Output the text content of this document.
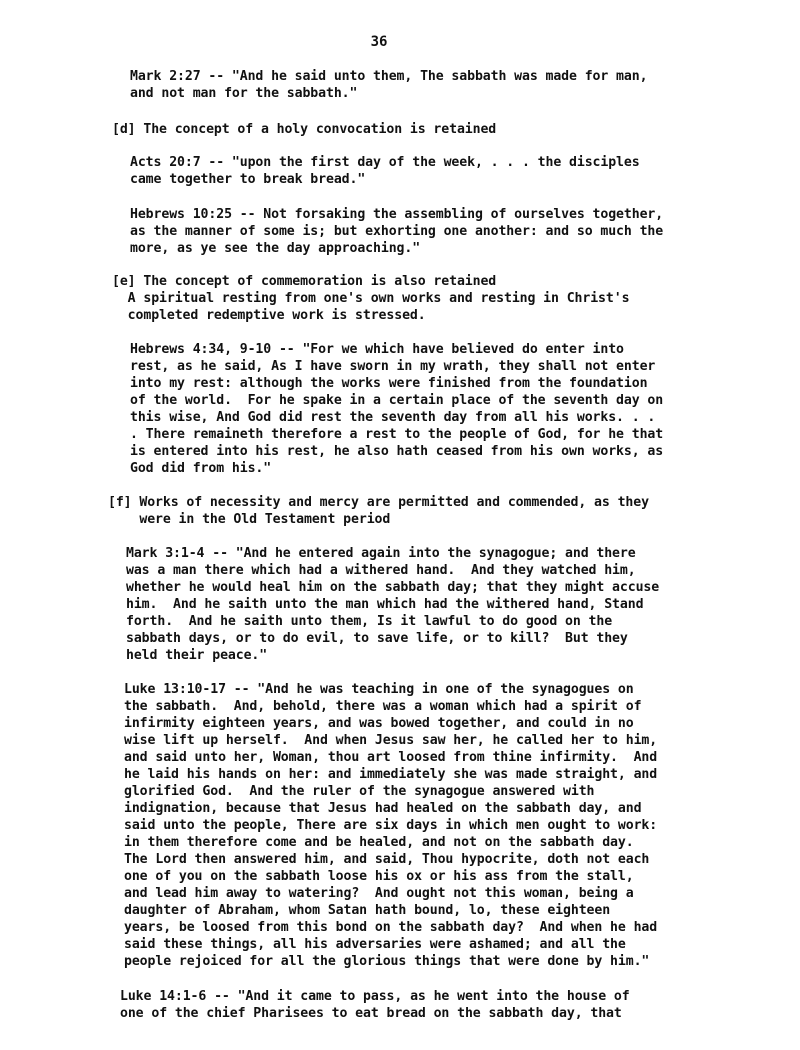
36

Mark 2:27 -- "And he said unto them, The sabbath was made for man,
and not man for the sabbath."

[d] The concept of a holy convocation is retained

Acts 20:7 -- "upon the first day of the week, . . . the disciples
came together to break bread."

Hebrews 10:25 -- Not forsaking the assembling of ourselves together,
as the manner of some is; but exhorting one another: and so much the
more, as ye see the day approaching."

[e] The concept of commemoration is also retained
A spiritual resting from one's own works and resting in Christ's
completed redemptive work is stressed.

Hebrews 4:34, 9-10 -- "For we which have believed do enter into
rest, as he said, As I have sworn in my wrath, they shall not enter
into my rest: although the works were finished from the foundation
of the world.  For he spake in a certain place of the seventh day on
this wise, And God did rest the seventh day from all his works. . .
. There remaineth therefore a rest to the people of God, for he that
is entered into his rest, he also hath ceased from his own works, as
God did from his."

[f] Works of necessity and mercy are permitted and commended, as they
were in the Old Testament period

Mark 3:1-4 -- "And he entered again into the synagogue; and there
was a man there which had a withered hand.  And they watched him,
whether he would heal him on the sabbath day; that they might accuse
him.  And he saith unto the man which had the withered hand, Stand
forth.  And he saith unto them, Is it lawful to do good on the
sabbath days, or to do evil, to save life, or to kill?  But they
held their peace."

Luke 13:10-17 -- "And he was teaching in one of the synagogues on
the sabbath.  And, behold, there was a woman which had a spirit of
infirmity eighteen years, and was bowed together, and could in no
wise lift up herself.  And when Jesus saw her, he called her to him,
and said unto her, Woman, thou art loosed from thine infirmity.  And
he laid his hands on her: and immediately she was made straight, and
glorified God.  And the ruler of the synagogue answered with
indignation, because that Jesus had healed on the sabbath day, and
said unto the people, There are six days in which men ought to work:
in them therefore come and be healed, and not on the sabbath day.
The Lord then answered him, and said, Thou hypocrite, doth not each
one of you on the sabbath loose his ox or his ass from the stall,
and lead him away to watering?  And ought not this woman, being a
daughter of Abraham, whom Satan hath bound, lo, these eighteen
years, be loosed from this bond on the sabbath day?  And when he had
said these things, all his adversaries were ashamed; and all the
people rejoiced for all the glorious things that were done by him."

Luke 14:1-6 -- "And it came to pass, as he went into the house of
one of the chief Pharisees to eat bread on the sabbath day, that
